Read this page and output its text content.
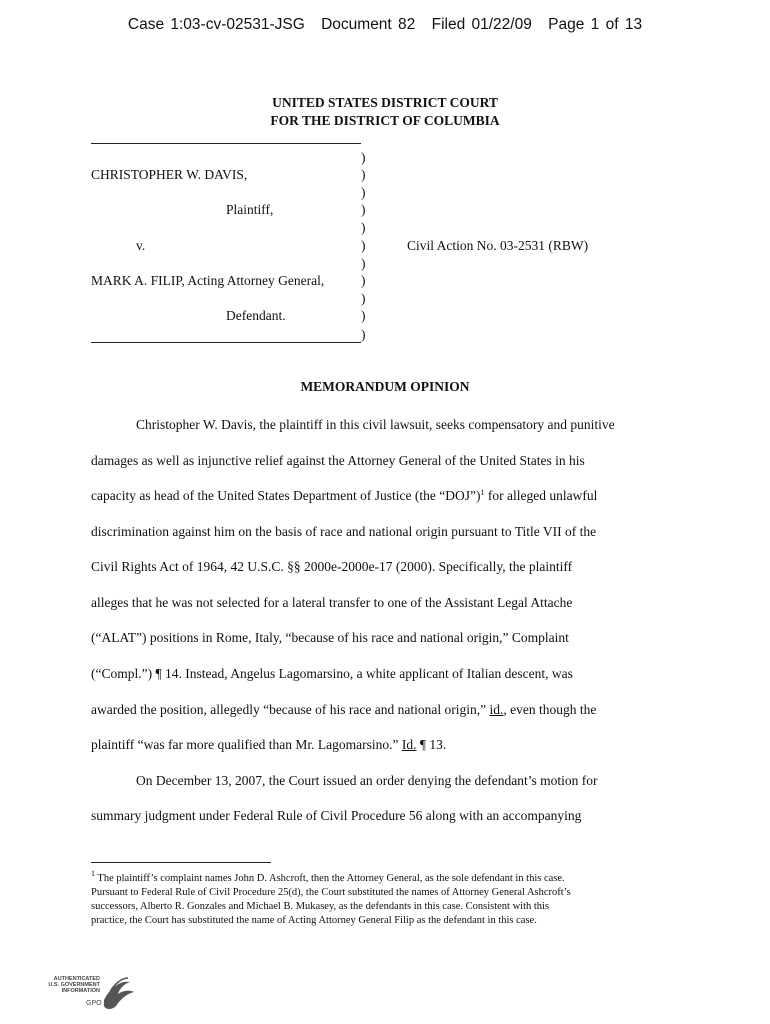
Case 1:03-cv-02531-JSG Document 82 Filed 01/22/09 Page 1 of 13
UNITED STATES DISTRICT COURT
FOR THE DISTRICT OF COLUMBIA
)
CHRISTOPHER W. DAVIS,	)
)
Plaintiff,	)
)
v.	)	Civil Action No. 03-2531 (RBW)
)
MARK A. FILIP, Acting Attorney General,	)
)
Defendant.	)
)
MEMORANDUM OPINION
Christopher W. Davis, the plaintiff in this civil lawsuit, seeks compensatory and punitive
damages as well as injunctive relief against the Attorney General of the United States in his
capacity as head of the United States Department of Justice (the “DOJ”)$^1$ for alleged unlawful
discrimination against him on the basis of race and national origin pursuant to Title VII of the
Civil Rights Act of 1964, 42 U.S.C. §§ 2000e-2000e-17 (2000). Specifically, the plaintiff
alleges that he was not selected for a lateral transfer to one of the Assistant Legal Attache
(“ALAT”) positions in Rome, Italy, “because of his race and national origin,” Complaint
(“Compl.”) ¶ 14. Instead, Angelus Lagomarsino, a white applicant of Italian descent, was
awarded the position, allegedly “because of his race and national origin,” id., even though the
plaintiff “was far more qualified than Mr. Lagomarsino.” Id. ¶ 13.
On December 13, 2007, the Court issued an order denying the defendant’s motion for
summary judgment under Federal Rule of Civil Procedure 56 along with an accompanying
$^1$ The plaintiff’s complaint names John D. Ashcroft, then the Attorney General, as the sole defendant in this case.
Pursuant to Federal Rule of Civil Procedure 25(d), the Court substituted the names of Attorney General Ashcroft’s
successors, Alberto R. Gonzales and Michael B. Mukasey, as the defendants in this case. Consistent with this
practice, the Court has substituted the name of Acting Attorney General Filip as the defendant in this case.
AUTHENTICATED
U.S. GOVERNMENT
INFORMATION
GPO
